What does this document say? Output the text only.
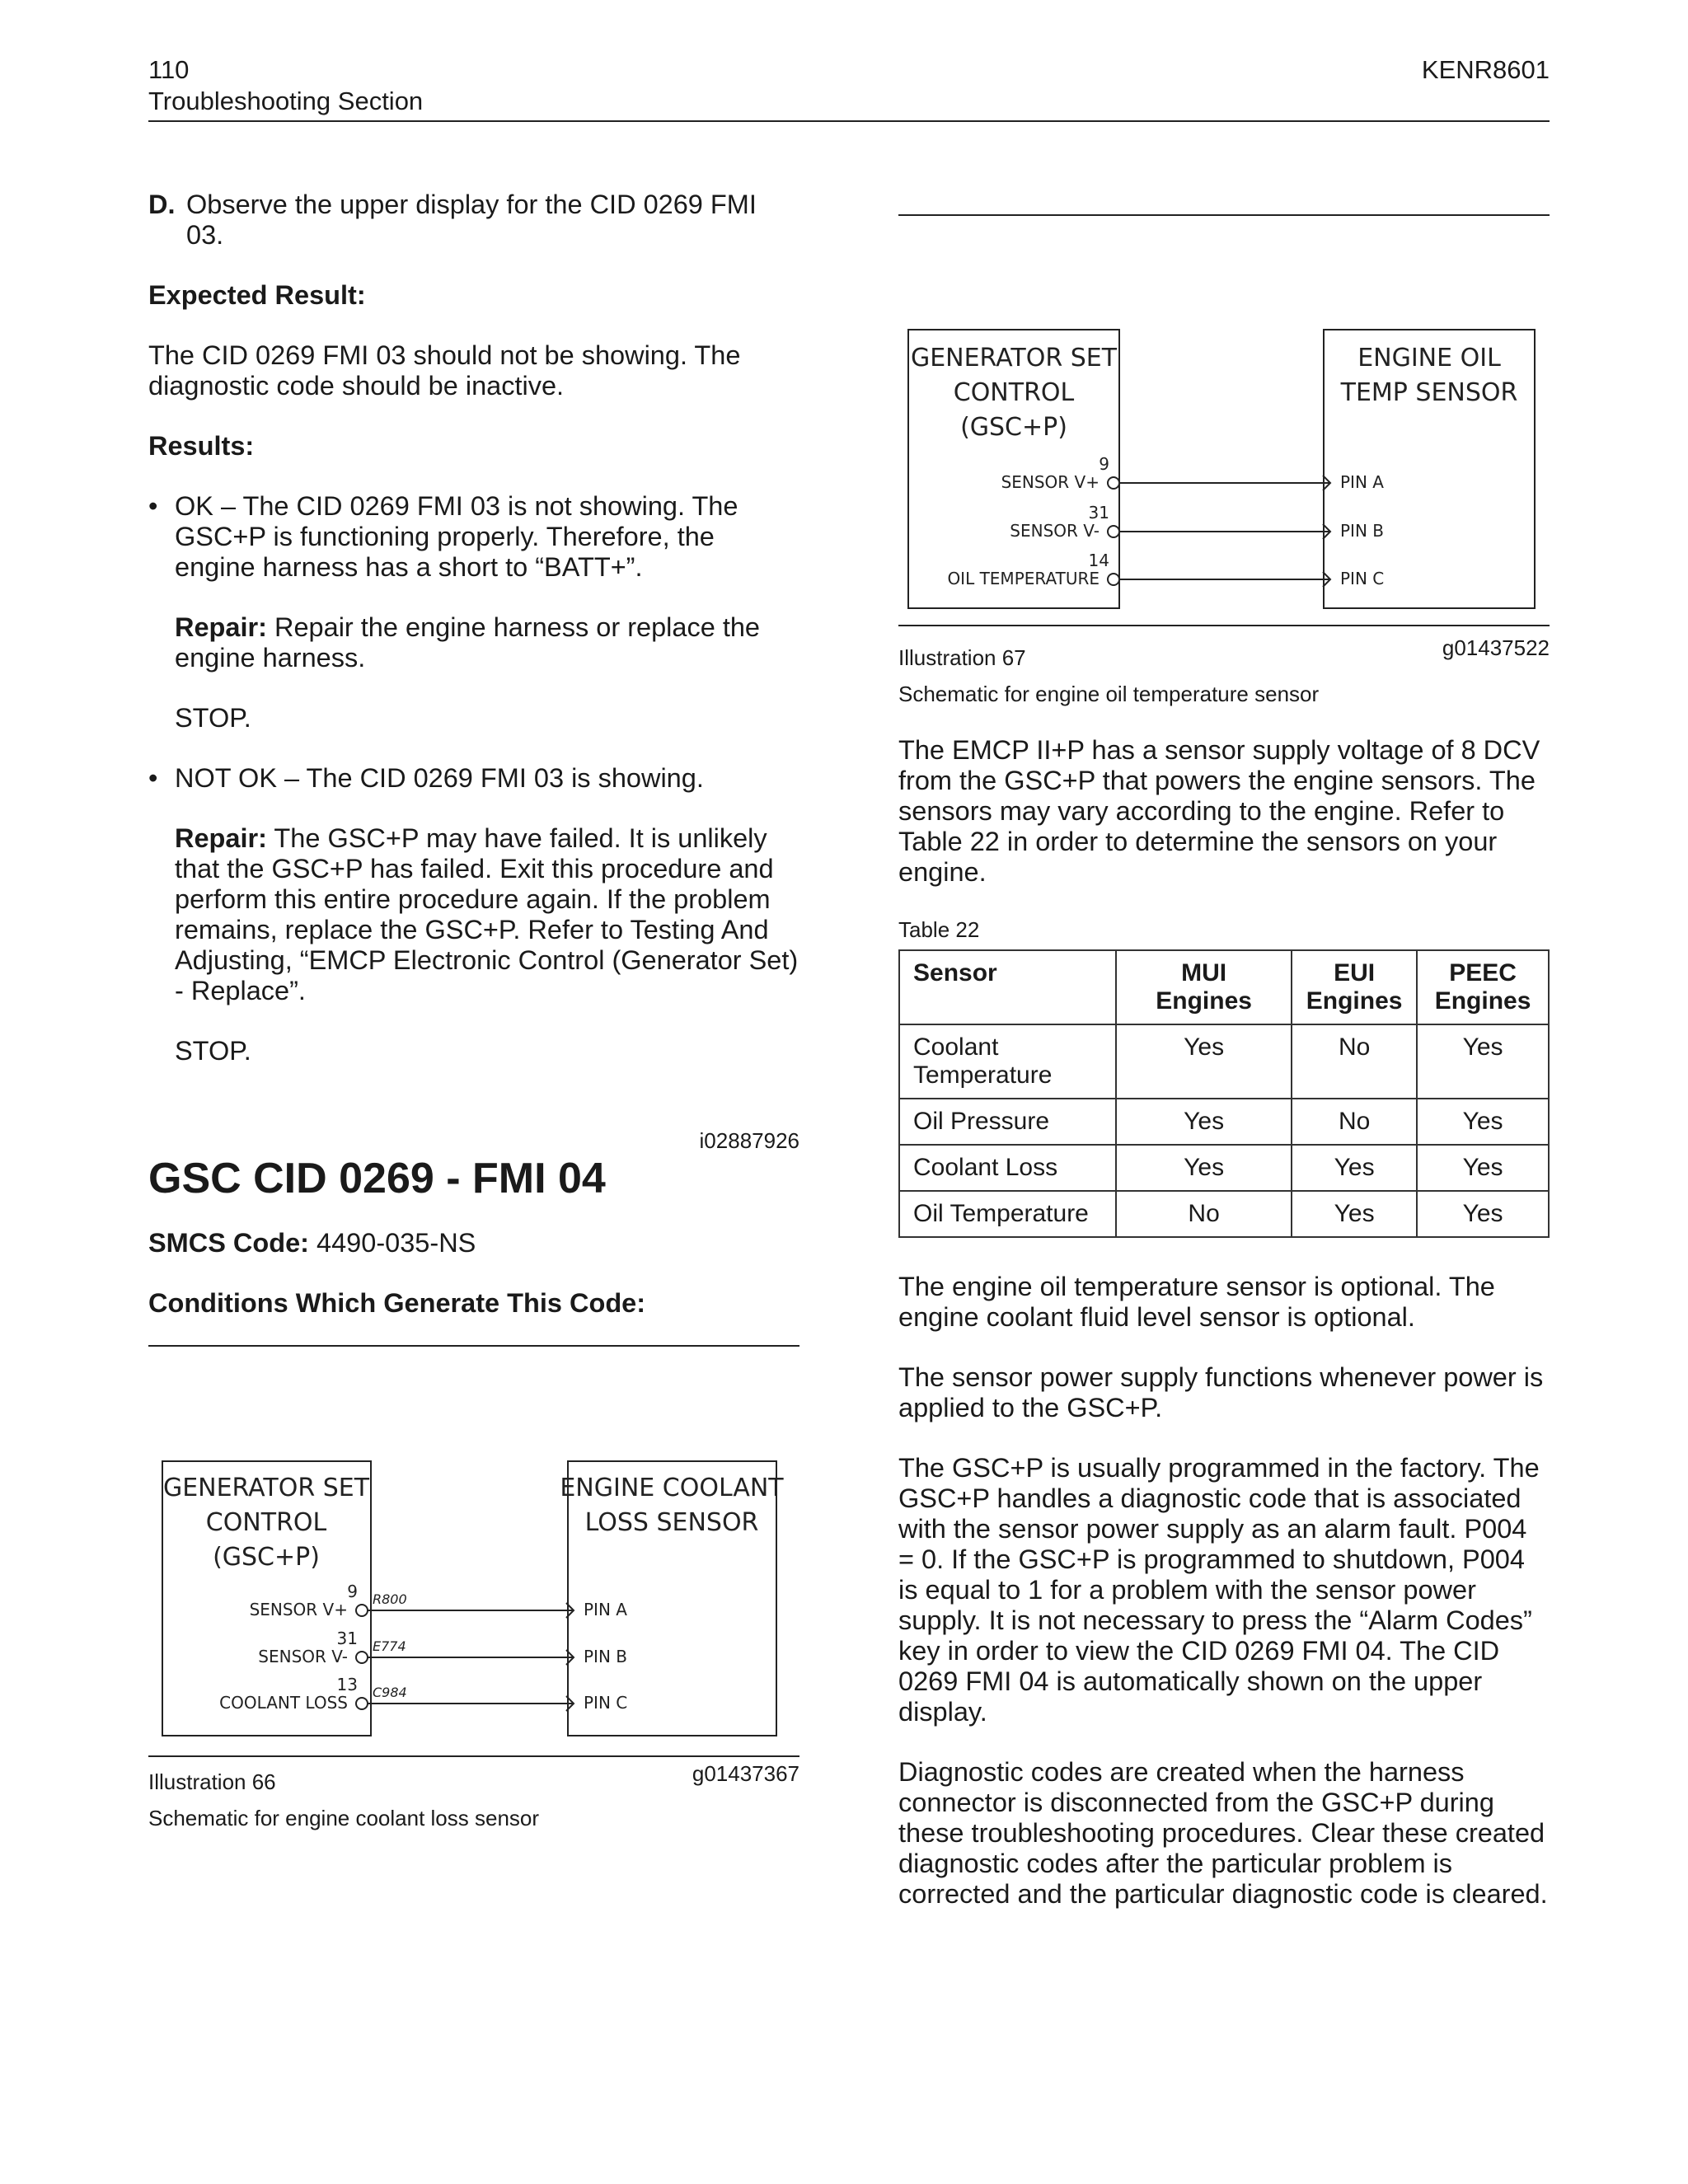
110
Troubleshooting Section
KENR8601
D. Observe the upper display for the CID 0269 FMI 03.
Expected Result:
The CID 0269 FMI 03 should not be showing. The diagnostic code should be inactive.
Results:
• OK – The CID 0269 FMI 03 is not showing. The GSC+P is functioning properly. Therefore, the engine harness has a short to “BATT+”.
Repair: Repair the engine harness or replace the engine harness.
STOP.
• NOT OK – The CID 0269 FMI 03 is showing.
Repair: The GSC+P may have failed. It is unlikely that the GSC+P has failed. Exit this procedure and perform this entire procedure again. If the problem remains, replace the GSC+P. Refer to Testing And Adjusting, “EMCP Electronic Control (Generator Set) - Replace”.
STOP.
i02887926
GSC CID 0269 - FMI 04
SMCS Code: 4490-035-NS
Conditions Which Generate This Code:
GENERATOR SET
CONTROL
(GSC+P)
ENGINE COOLANT
LOSS SENSOR
SENSOR V+
9 R800
PIN A
SENSOR V-
31 E774
PIN B
COOLANT LOSS
13 C984
PIN C
Illustration 66	g01437367
Schematic for engine coolant loss sensor
GENERATOR SET
CONTROL
(GSC+P)
ENGINE OIL
TEMP SENSOR
SENSOR V+
9
PIN A
SENSOR V-
31
PIN B
OIL TEMPERATURE
14
PIN C
Illustration 67	g01437522
Schematic for engine oil temperature sensor
The EMCP II+P has a sensor supply voltage of 8 DCV from the GSC+P that powers the engine sensors. The sensors may vary according to the engine. Refer to Table 22 in order to determine the sensors on your engine.
Table 22
Sensor	MUI Engines	EUI Engines	PEEC Engines
Coolant Temperature	Yes	No	Yes
Oil Pressure	Yes	No	Yes
Coolant Loss	Yes	Yes	Yes
Oil Temperature	No	Yes	Yes
The engine oil temperature sensor is optional. The engine coolant fluid level sensor is optional.
The sensor power supply functions whenever power is applied to the GSC+P.
The GSC+P is usually programmed in the factory. The GSC+P handles a diagnostic code that is associated with the sensor power supply as an alarm fault. P004 = 0. If the GSC+P is programmed to shutdown, P004 is equal to 1 for a problem with the sensor power supply. It is not necessary to press the “Alarm Codes” key in order to view the CID 0269 FMI 04. The CID 0269 FMI 04 is automatically shown on the upper display.
Diagnostic codes are created when the harness connector is disconnected from the GSC+P during these troubleshooting procedures. Clear these created diagnostic codes after the particular problem is corrected and the particular diagnostic code is cleared.
